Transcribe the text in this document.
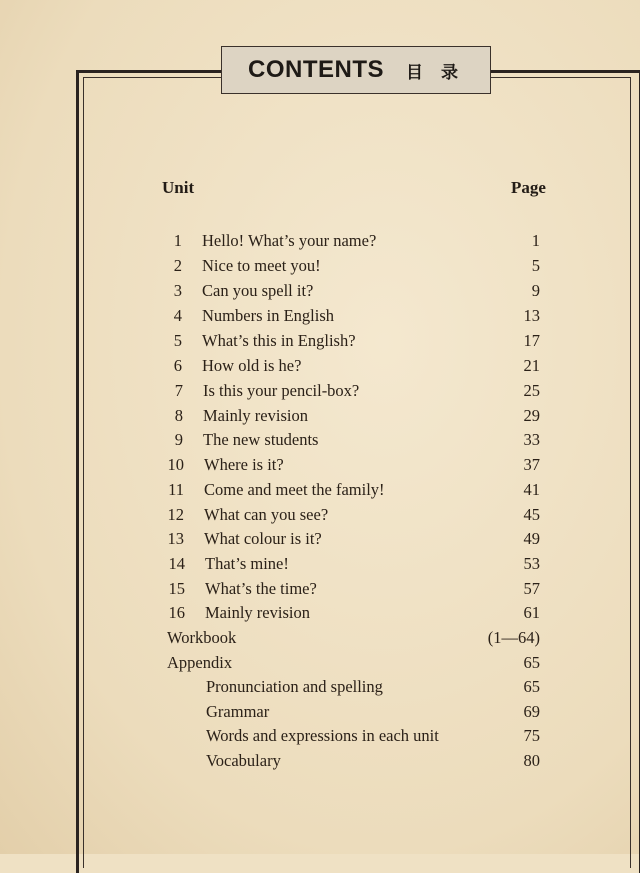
CONTENTS 目 录
Unit	Page
1 Hello! What’s your name?	1
2 Nice to meet you!	5
3 Can you spell it?	9
4 Numbers in English	13
5 What’s this in English?	17
6 How old is he?	21
7 Is this your pencil-box?	25
8 Mainly revision	29
9 The new students	33
10 Where is it?	37
11 Come and meet the family!	41
12 What can you see?	45
13 What colour is it?	49
14 That’s mine!	53
15 What’s the time?	57
16 Mainly revision	61
Workbook	(1—64)
Appendix	65
Pronunciation and spelling	65
Grammar	69
Words and expressions in each unit	75
Vocabulary	80
